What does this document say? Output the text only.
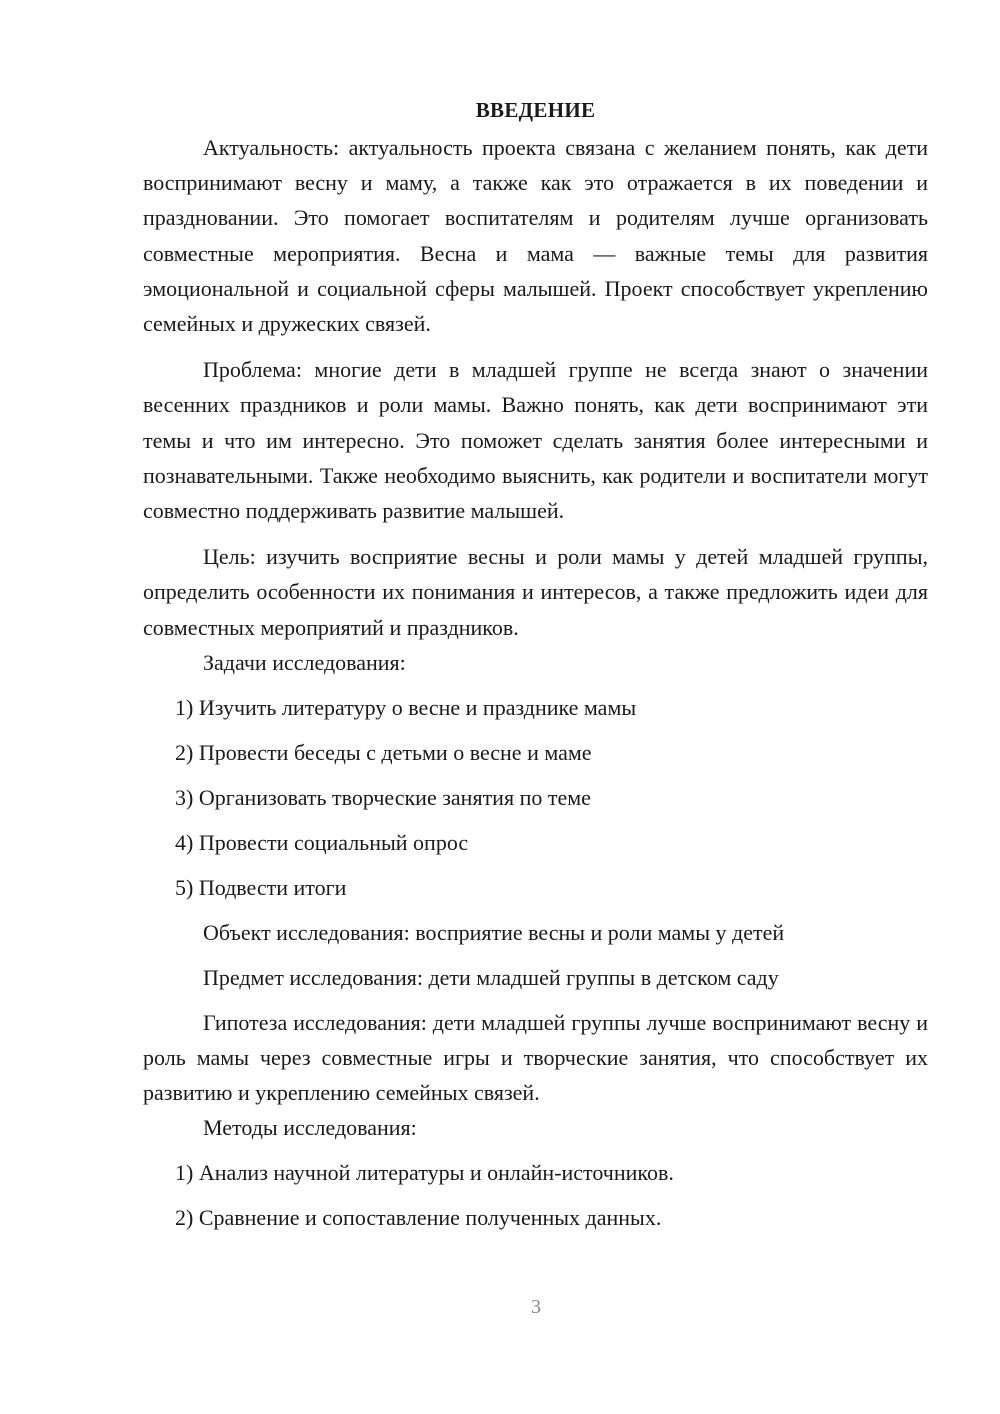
ВВЕДЕНИЕ

Актуальность: актуальность проекта связана с желанием понять, как дети воспринимают весну и маму, а также как это отражается в их поведении и праздновании. Это помогает воспитателям и родителям лучше организовать совместные мероприятия. Весна и мама — важные темы для развития эмоциональной и социальной сферы малышей. Проект способствует укреплению семейных и дружеских связей.

Проблема: многие дети в младшей группе не всегда знают о значении весенних праздников и роли мамы. Важно понять, как дети воспринимают эти темы и что им интересно. Это поможет сделать занятия более интересными и познавательными. Также необходимо выяснить, как родители и воспитатели могут совместно поддерживать развитие малышей.

Цель: изучить восприятие весны и роли мамы у детей младшей группы, определить особенности их понимания и интересов, а также предложить идеи для совместных мероприятий и праздников.

Задачи исследования:

1) Изучить литературу о весне и празднике мамы

2) Провести беседы с детьми о весне и маме

3) Организовать творческие занятия по теме

4) Провести социальный опрос

5) Подвести итоги

Объект исследования: восприятие весны и роли мамы у детей

Предмет исследования: дети младшей группы в детском саду

Гипотеза исследования: дети младшей группы лучше воспринимают весну и роль мамы через совместные игры и творческие занятия, что способствует их развитию и укреплению семейных связей.

Методы исследования:

1) Анализ научной литературы и онлайн-источников.

2) Сравнение и сопоставление полученных данных.

3
